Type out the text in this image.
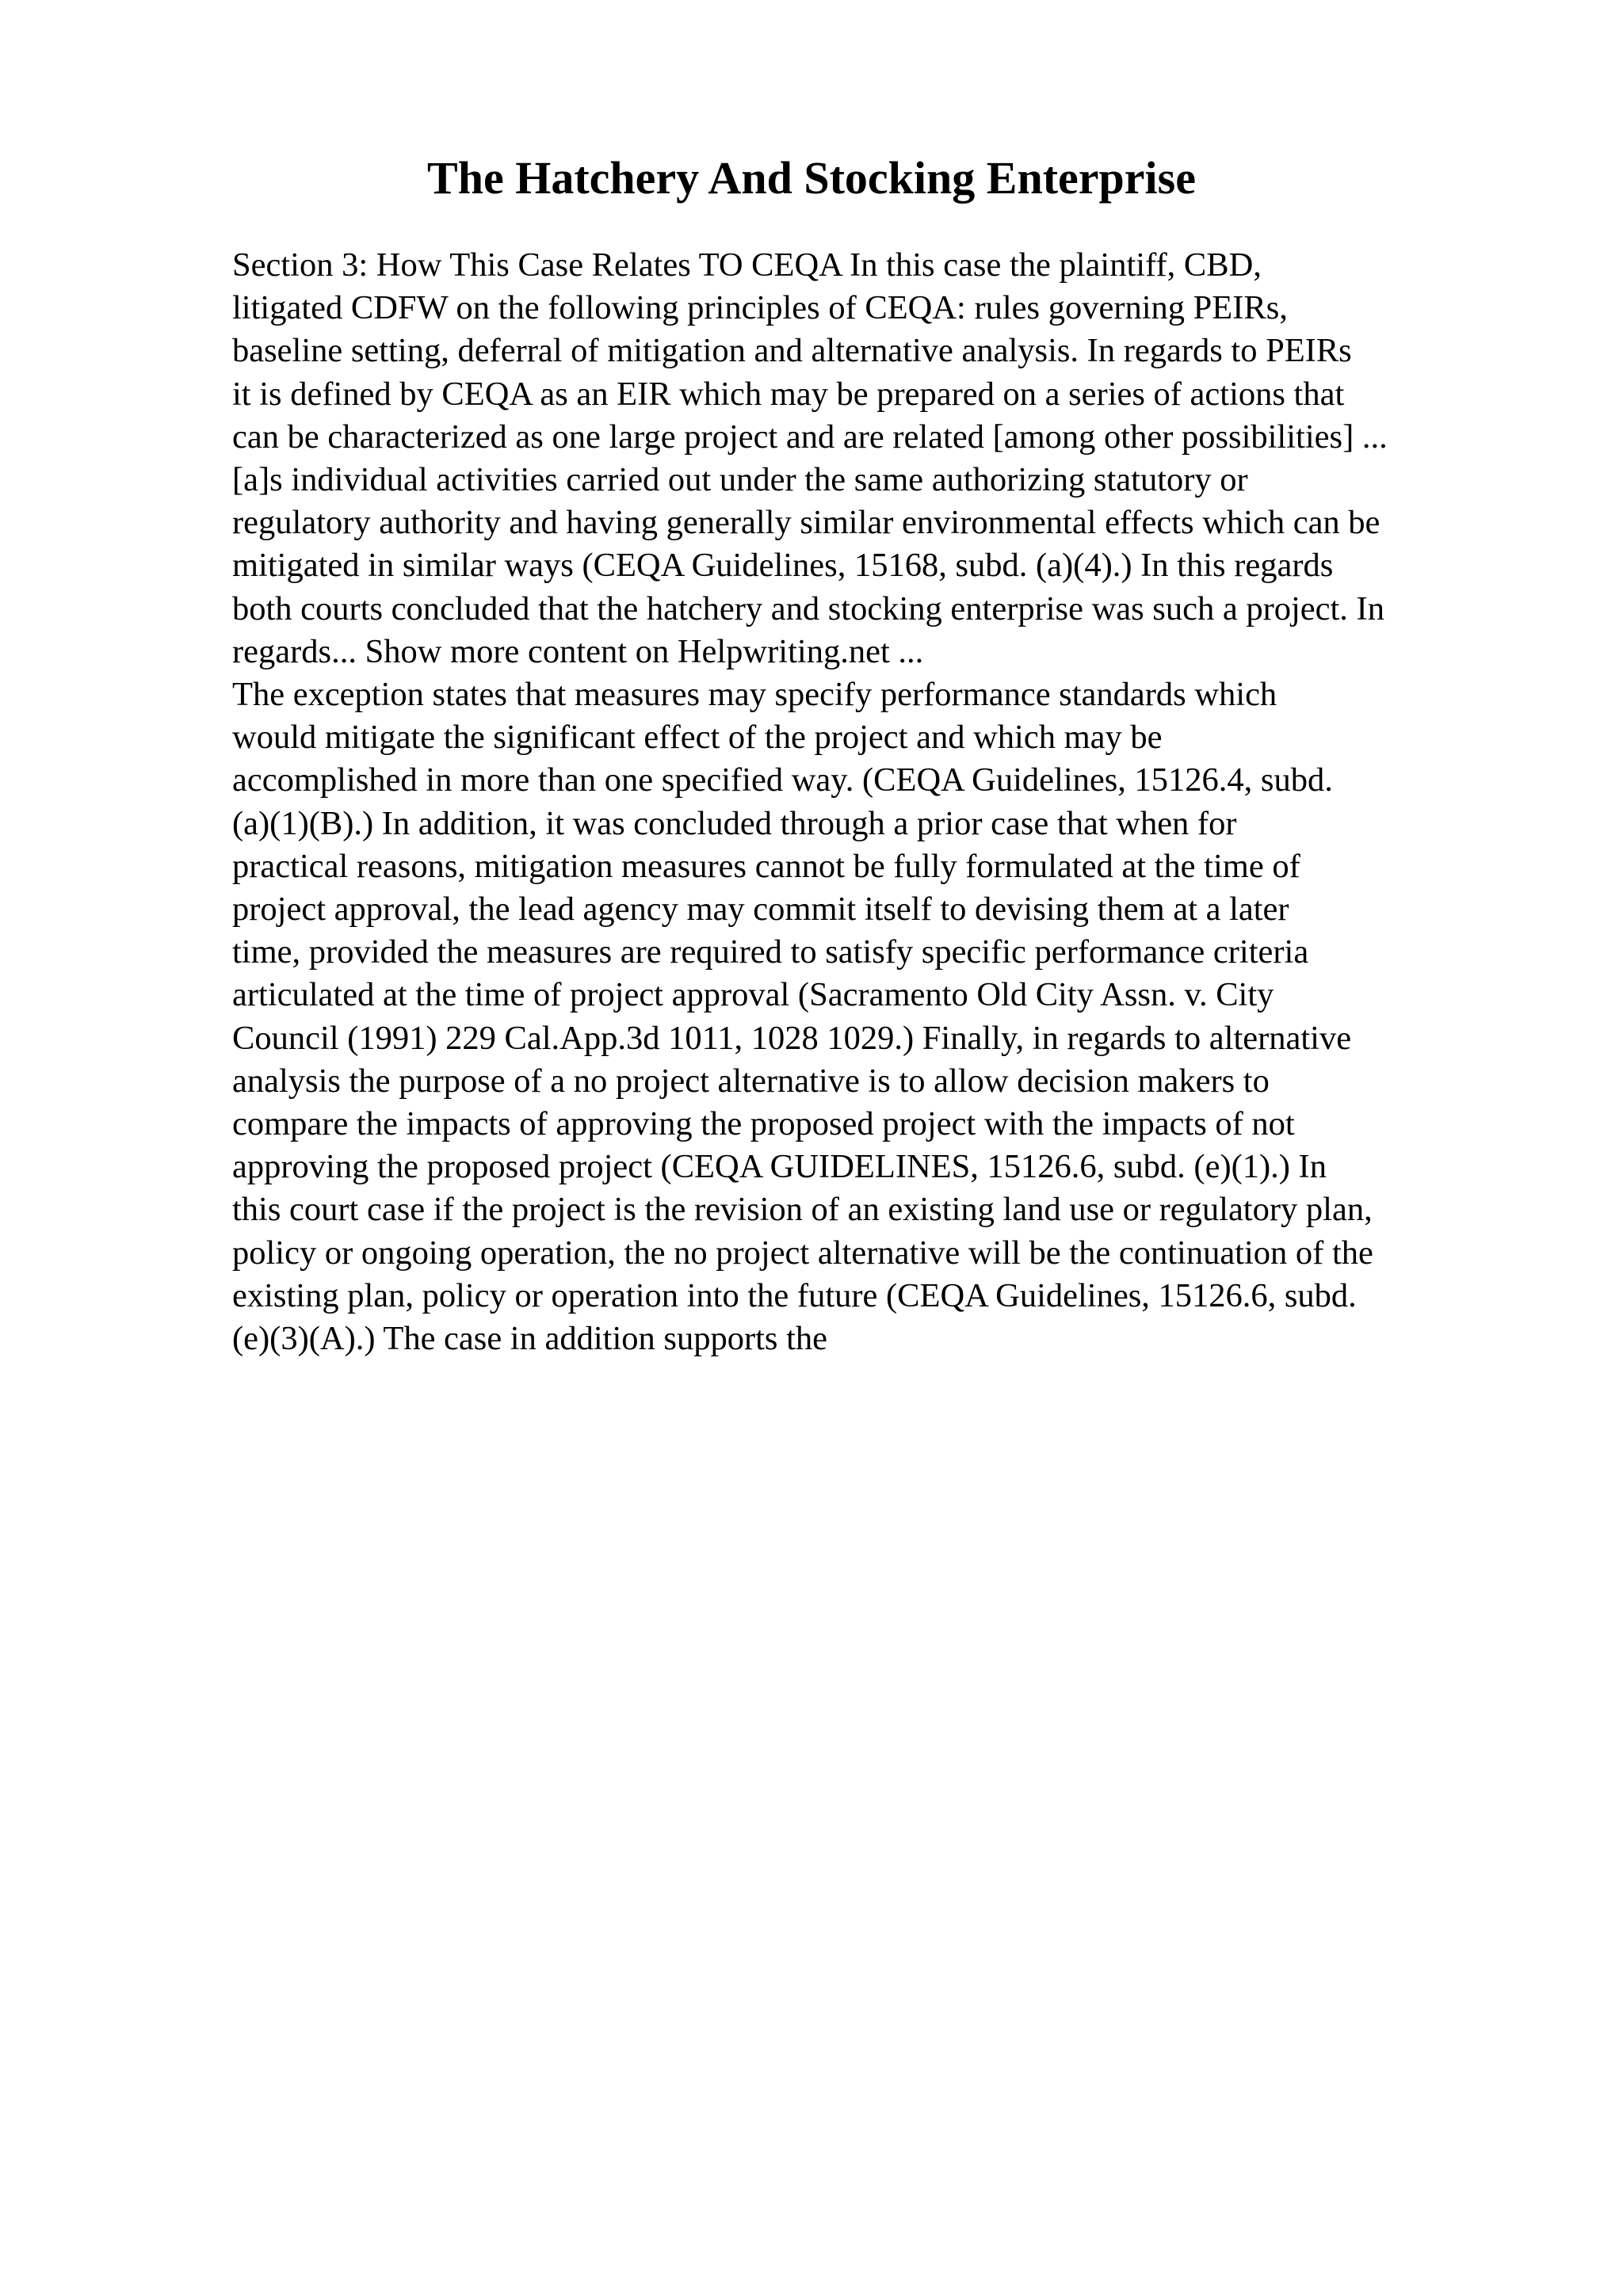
The Hatchery And Stocking Enterprise
Section 3: How This Case Relates TO CEQA In this case the plaintiff, CBD,
litigated CDFW on the following principles of CEQA: rules governing PEIRs,
baseline setting, deferral of mitigation and alternative analysis. In regards to PEIRs
it is defined by CEQA as an EIR which may be prepared on a series of actions that
can be characterized as one large project and are related [among other possibilities] ...
[a]s individual activities carried out under the same authorizing statutory or
regulatory authority and having generally similar environmental effects which can be
mitigated in similar ways (CEQA Guidelines, 15168, subd. (a)(4).) In this regards
both courts concluded that the hatchery and stocking enterprise was such a project. In
regards... Show more content on Helpwriting.net ...
The exception states that measures may specify performance standards which
would mitigate the significant effect of the project and which may be
accomplished in more than one specified way. (CEQA Guidelines, 15126.4, subd.
(a)(1)(B).) In addition, it was concluded through a prior case that when for
practical reasons, mitigation measures cannot be fully formulated at the time of
project approval, the lead agency may commit itself to devising them at a later
time, provided the measures are required to satisfy specific performance criteria
articulated at the time of project approval (Sacramento Old City Assn. v. City
Council (1991) 229 Cal.App.3d 1011, 1028 1029.) Finally, in regards to alternative
analysis the purpose of a no project alternative is to allow decision makers to
compare the impacts of approving the proposed project with the impacts of not
approving the proposed project (CEQA GUIDELINES, 15126.6, subd. (e)(1).) In
this court case if the project is the revision of an existing land use or regulatory plan,
policy or ongoing operation, the no project alternative will be the continuation of the
existing plan, policy or operation into the future (CEQA Guidelines, 15126.6, subd.
(e)(3)(A).) The case in addition supports the
